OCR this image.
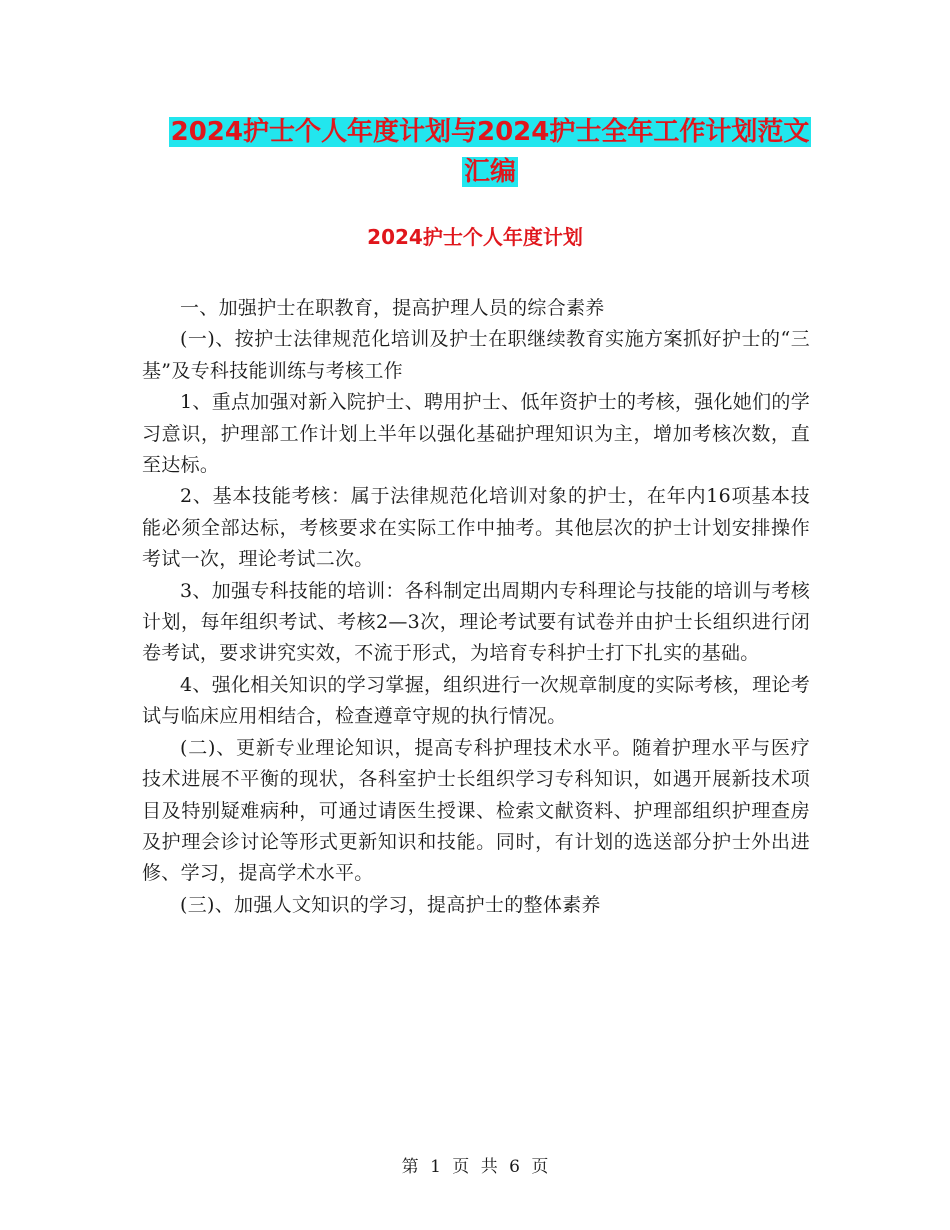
2024护士个人年度计划与2024护士全年工作计划范文
汇编
2024护士个人年度计划

一、加强护士在职教育，提高护理人员的综合素养

(一)、按护士法律规范化培训及护士在职继续教育实施方案抓好护士的“三基”及专科技能训练与考核工作

1、重点加强对新入院护士、聘用护士、低年资护士的考核，强化她们的学习意识，护理部工作计划上半年以强化基础护理知识为主，增加考核次数，直至达标。

2、基本技能考核：属于法律规范化培训对象的护士，在年内16项基本技能必须全部达标，考核要求在实际工作中抽考。其他层次的护士计划安排操作考试一次，理论考试二次。

3、加强专科技能的培训：各科制定出周期内专科理论与技能的培训与考核计划，每年组织考试、考核2—3次，理论考试要有试卷并由护士长组织进行闭卷考试，要求讲究实效，不流于形式，为培育专科护士打下扎实的基础。

4、强化相关知识的学习掌握，组织进行一次规章制度的实际考核，理论考试与临床应用相结合，检查遵章守规的执行情况。

(二)、更新专业理论知识，提高专科护理技术水平。随着护理水平与医疗技术进展不平衡的现状，各科室护士长组织学习专科知识，如遇开展新技术项目及特别疑难病种，可通过请医生授课、检索文献资料、护理部组织护理查房及护理会诊讨论等形式更新知识和技能。同时，有计划的选送部分护士外出进修、学习，提高学术水平。

(三)、加强人文知识的学习，提高护士的整体素养

第 1 页 共 6 页
